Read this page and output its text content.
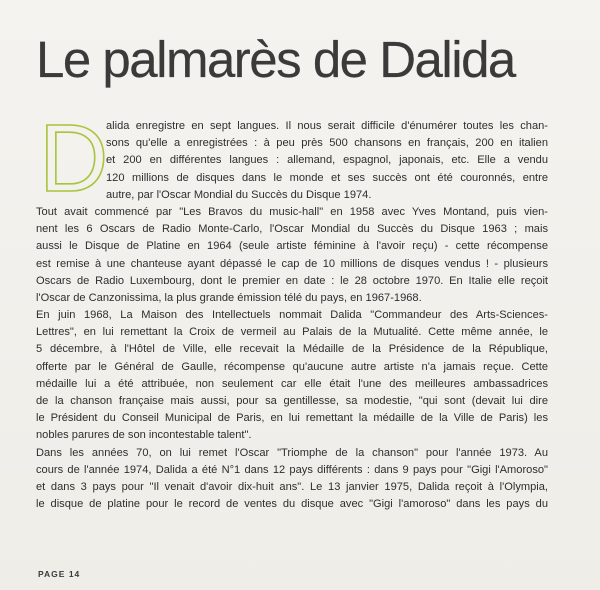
Le palmarès de Dalida
D
alida enregistre en sept langues. Il nous serait difficile d'énumérer toutes les chan-
sons qu'elle a enregistrées : à peu près 500 chansons en français, 200 en italien
et 200 en différentes langues : allemand, espagnol, japonais, etc. Elle a vendu
120 millions de disques dans le monde et ses succès ont été couronnés, entre
autre, par l'Oscar Mondial du Succès du Disque 1974.
Tout avait commencé par "Les Bravos du music-hall" en 1958 avec Yves Montand, puis vien-
nent les 6 Oscars de Radio Monte-Carlo, l'Oscar Mondial du Succès du Disque 1963 ; mais
aussi le Disque de Platine en 1964 (seule artiste féminine à l'avoir reçu) - cette récompense
est remise à une chanteuse ayant dépassé le cap de 10 millions de disques vendus ! - plusieurs
Oscars de Radio Luxembourg, dont le premier en date : le 28 octobre 1970. En Italie elle reçoit
l'Oscar de Canzonissima, la plus grande émission télé du pays, en 1967-1968.
En juin 1968, La Maison des Intellectuels nommait Dalida "Commandeur des Arts-Sciences-
Lettres", en lui remettant la Croix de vermeil au Palais de la Mutualité. Cette même année, le
5 décembre, à l'Hôtel de Ville, elle recevait la Médaille de la Présidence de la République,
offerte par le Général de Gaulle, récompense qu'aucune autre artiste n'a jamais reçue. Cette
médaille lui a été attribuée, non seulement car elle était l'une des meilleures ambassadrices
de la chanson française mais aussi, pour sa gentillesse, sa modestie, "qui sont (devait lui dire
le Président du Conseil Municipal de Paris, en lui remettant la médaille de la Ville de Paris) les
nobles parures de son incontestable talent".
Dans les années 70, on lui remet l'Oscar "Triomphe de la chanson" pour l'année 1973. Au
cours de l'année 1974, Dalida a été N°1 dans 12 pays différents : dans 9 pays pour "Gigi l'Amoroso"
et dans 3 pays pour "Il venait d'avoir dix-huit ans". Le 13 janvier 1975, Dalida reçoit à l'Olympia,
le disque de platine pour le record de ventes du disque avec "Gigi l'amoroso" dans les pays du
PAGE 14
